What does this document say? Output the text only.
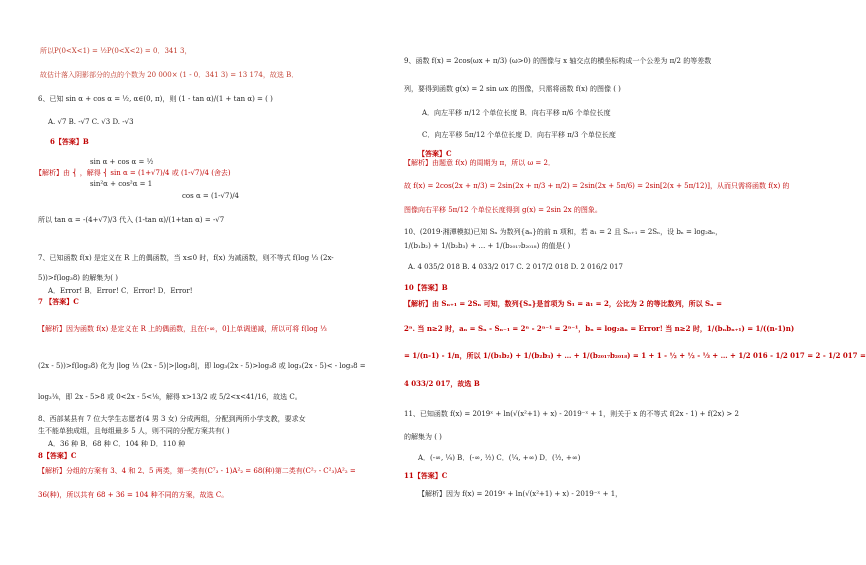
所以P(0<X<1) = ½P(0<X<2) = 0．341 3，
故估计落入阴影部分的点的个数为 20 000× (1 - 0．341 3) = 13 174，故选 B．
6、已知 sin α + cos α = ½, α∈(0, π)，则 (1 - tan α)/(1 + tan α) = ( )
A. √7 B. -√7 C. √3 D. -√3
6【答案】B
sin α + cos α = ½
【解析】由 ⎨ ，解得 ⎨ sin α = (1+√7)/4 或 (1-√7)/4 (舍去)
sin²α + cos²α = 1
cos α = (1-√7)/4
所以 tan α = -(4+√7)/3 代入 (1-tan α)/(1+tan α) = -√7
7、已知函数 f(x) 是定义在 R 上的偶函数，当 x≤0 时，f(x) 为减函数，则不等式 f(log ⅓ (2x-
5))>f(log₃8) 的解集为( )
A．Error! B．Error! C．Error! D．Error!
7 【答案】C
【解析】因为函数 f(x) 是定义在 R 上的偶函数，且在(-∞，0]上单调递减，所以可将 f(log ⅓
(2x - 5))>f(log₃8) 化为 |log ⅓ (2x - 5)|>|log₃8|，即 log₃(2x - 5)>log₃8 或 log₃(2x - 5)< - log₃8 =
log₃⅛，即 2x - 5>8 或 0<2x - 5<⅛，解得 x>13/2 或 5/2<x<41/16，故选 C。
8、西部某县有 7 位大学生志愿者(4 男 3 女) 分成两组，分配到两所小学支教，要求女
生不能单独成组，且每组最多 5 人，则不同的分配方案共有( )
A．36 种 B．68 种 C．104 种 D．110 种
8【答案】C
【解析】分组的方案有 3、4 和 2、5 两类，第一类有(C⁷₃ - 1)A²₂ = 68(种)第二类有(C²₇ - C²₃)A²₂ =
36(种)，所以共有 68 + 36 = 104 种不同的方案，故选 C。
9、函数 f(x) = 2cos(ωx + π/3) (ω>0) 的图像与 x 轴交点的横坐标构成一个公差为 π/2 的等差数
列，要得到函数 g(x) = 2 sin ωx 的图像，只需将函数 f(x) 的图像 ( )
A．向左平移 π/12 个单位长度 B．向右平移 π/6 个单位长度
C．向左平移 5π/12 个单位长度 D．向右平移 π/3 个单位长度
【答案】C
【解析】由题意 f(x) 的周期为 π，所以 ω = 2．
故 f(x) = 2cos(2x + π/3) = 2sin(2x + π/3 + π/2) = 2sin(2x + 5π/6) = 2sin[2(x + 5π/12)]，从而只需将函数 f(x) 的
图像向右平移 5π/12 个单位长度得到 g(x) = 2sin 2x 的图象。
10、(2019·湘潭模拟)已知 Sₙ 为数列{aₙ}的前 n 项和，若 a₁ = 2 且 Sₙ₊₁ = 2Sₙ，设 bₙ = log₂aₙ，
1/(b₁b₂) + 1/(b₂b₃) + … + 1/(b₂₀₁₇b₂₀₁₈) 的值是( )
A. 4 035/2 018 B. 4 033/2 017 C. 2 017/2 018 D. 2 016/2 017
10【答案】B
【解析】由 Sₙ₊₁ = 2Sₙ 可知，数列{Sₙ}是首项为 S₁ = a₁ = 2，公比为 2 的等比数列，所以 Sₙ =
2ⁿ. 当 n≥2 时，aₙ = Sₙ - Sₙ₋₁ = 2ⁿ - 2ⁿ⁻¹ = 2ⁿ⁻¹，bₙ = log₂aₙ = Error! 当 n≥2 时，1/(bₙbₙ₊₁) = 1/((n-1)n)
= 1/(n-1) - 1/n，所以 1/(b₁b₂) + 1/(b₂b₃) + … + 1/(b₂₀₁₇b₂₀₁₈) = 1 + 1 - ½ + ½ - ⅓ + … + 1/2 016 - 1/2 017 = 2 - 1/2 017 =
4 033/2 017，故选 B
11、已知函数 f(x) = 2019ˣ + ln(√(x²+1) + x) - 2019⁻ˣ + 1，则关于 x 的不等式 f(2x - 1) + f(2x) > 2
的解集为 ( )
A．(-∞, ¼) B．(-∞, ½) C．(¼, +∞) D．(½, +∞)
11【答案】C
【解析】因为 f(x) = 2019ˣ + ln(√(x²+1) + x) - 2019⁻ˣ + 1，
